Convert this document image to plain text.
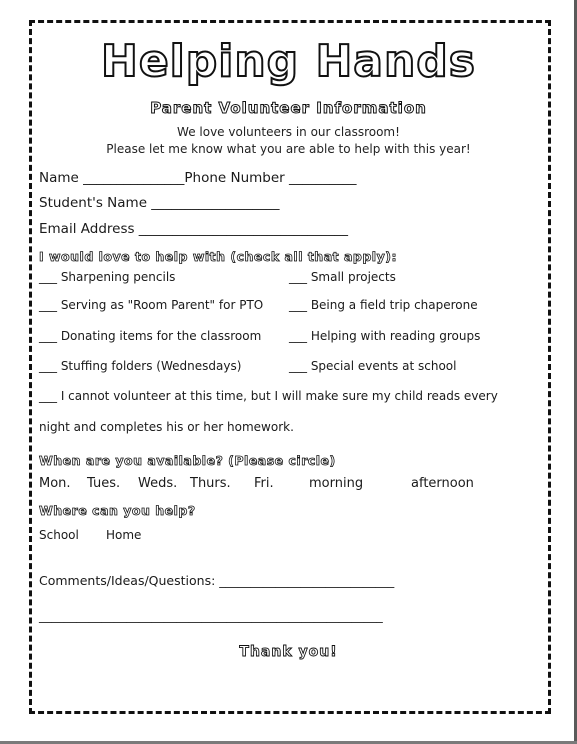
Helping Hands
Parent Volunteer Information
We love volunteers in our classroom!
Please let me know what you are able to help with this year!
Name _______________Phone Number __________
Student's Name ___________________
Email Address _______________________________
I would love to help with (check all that apply):
___ Sharpening pencils	___ Small projects
___ Serving as "Room Parent" for PTO ___ Being a field trip chaperone
___ Donating items for the classroom ___ Helping with reading groups
___ Stuffing folders (Wednesdays)	___ Special events at school
___ I cannot volunteer at this time, but I will make sure my child reads every
night and completes his or her homework.
When are you available? (Please circle)
Mon. Tues. Weds. Thurs. Fri.	morning	afternoon
Where can you help?
School Home
Comments/Ideas/Questions: ____________________________
_______________________________________________________
Thank you!
